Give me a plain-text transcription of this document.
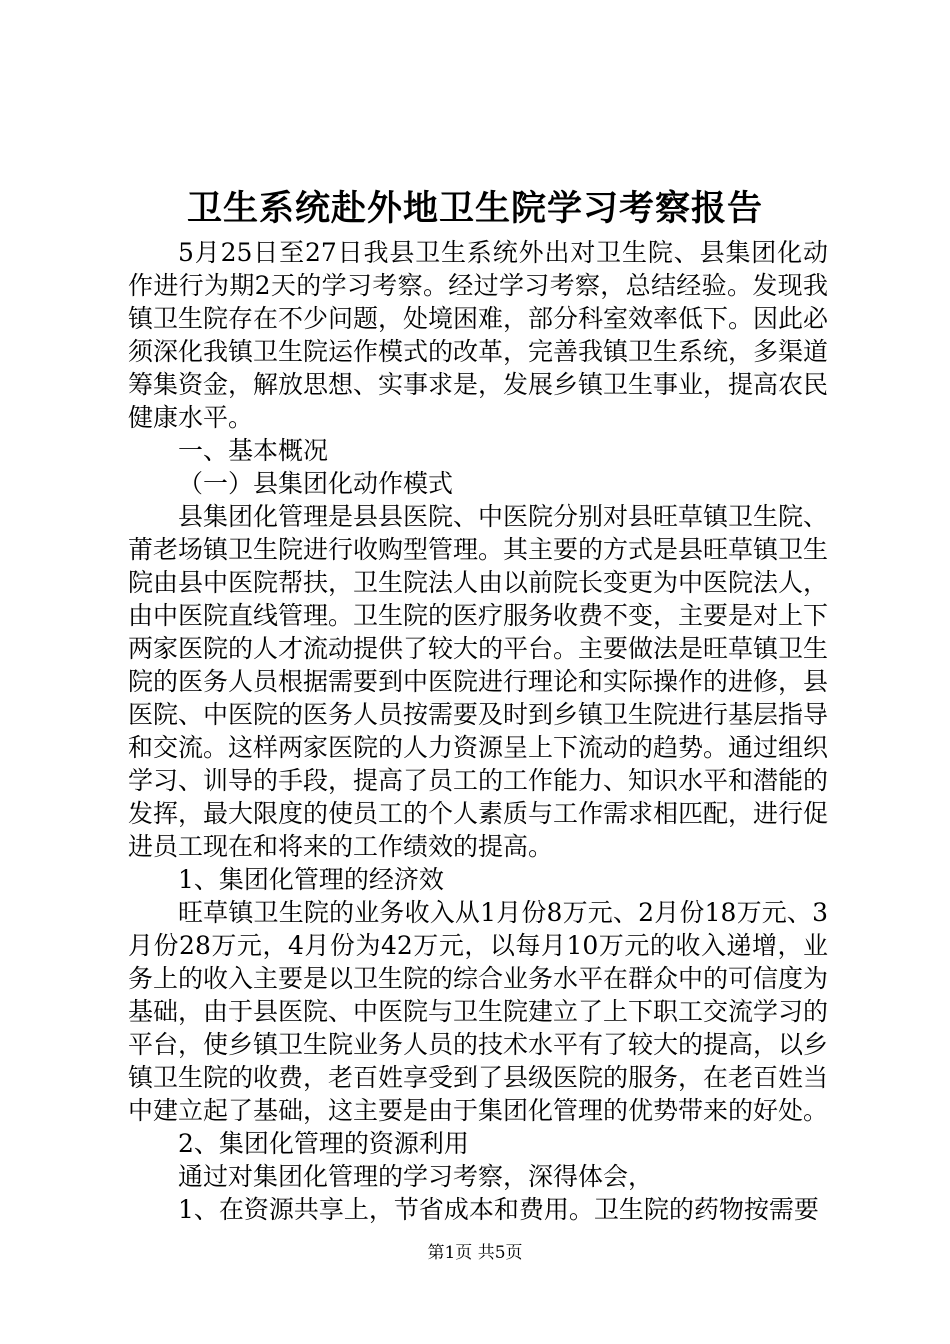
卫生系统赴外地卫生院学习考察报告

5月25日至27日我县卫生系统外出对卫生院、县集团化动作进行为期2天的学习考察。经过学习考察，总结经验。发现我镇卫生院存在不少问题，处境困难，部分科室效率低下。因此必须深化我镇卫生院运作模式的改革，完善我镇卫生系统，多渠道筹集资金，解放思想、实事求是，发展乡镇卫生事业，提高农民健康水平。

一、基本概况

（一）县集团化动作模式

县集团化管理是县县医院、中医院分别对县旺草镇卫生院、莆老场镇卫生院进行收购型管理。其主要的方式是县旺草镇卫生院由县中医院帮扶，卫生院法人由以前院长变更为中医院法人，由中医院直线管理。卫生院的医疗服务收费不变，主要是对上下两家医院的人才流动提供了较大的平台。主要做法是旺草镇卫生院的医务人员根据需要到中医院进行理论和实际操作的进修，县医院、中医院的医务人员按需要及时到乡镇卫生院进行基层指导和交流。这样两家医院的人力资源呈上下流动的趋势。通过组织学习、训导的手段，提高了员工的工作能力、知识水平和潜能的发挥，最大限度的使员工的个人素质与工作需求相匹配，进行促进员工现在和将来的工作绩效的提高。

1、集团化管理的经济效

旺草镇卫生院的业务收入从1月份8万元、2月份18万元、3月份28万元，4月份为42万元，以每月10万元的收入递增，业务上的收入主要是以卫生院的综合业务水平在群众中的可信度为基础，由于县医院、中医院与卫生院建立了上下职工交流学习的平台，使乡镇卫生院业务人员的技术水平有了较大的提高，以乡镇卫生院的收费，老百姓享受到了县级医院的服务，在老百姓当中建立起了基础，这主要是由于集团化管理的优势带来的好处。

2、集团化管理的资源利用

通过对集团化管理的学习考察，深得体会，

1、在资源共享上，节省成本和费用。卫生院的药物按需要

第1页 共5页
